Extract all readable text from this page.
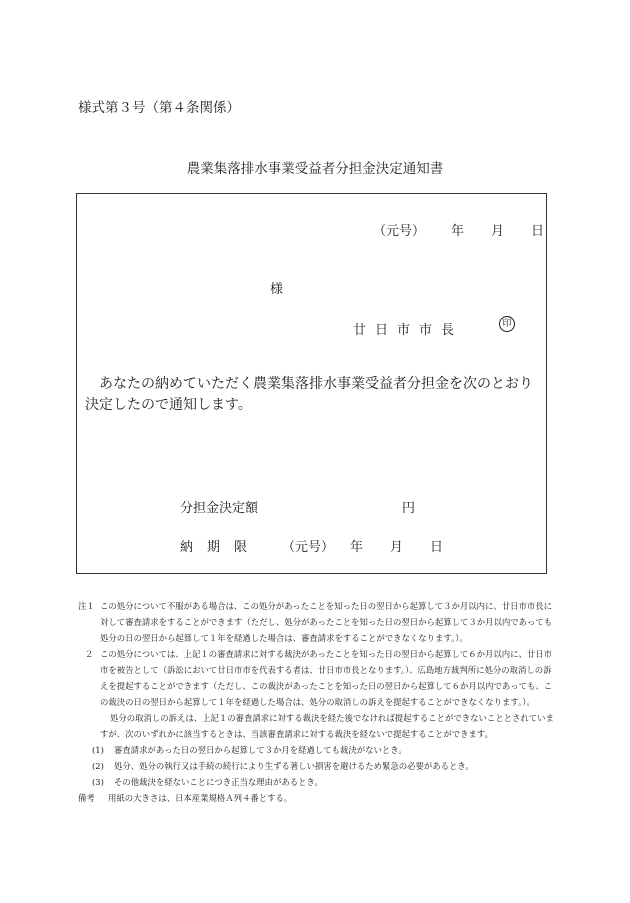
様式第３号（第４条関係）
農業集落排水事業受益者分担金決定通知書
（元号） 年 月 日
様
廿日市市長	印
あなたの納めていただく農業集落排水事業受益者分担金を次のとおり決定したので通知します。
分担金決定額	円
納期限 （元号） 年 月 日
注１ この処分について不服がある場合は、この処分があったことを知った日の翌日から起算して３か月以内に、廿日市市長に対して審査請求をすることができます（ただし、処分があったことを知った日の翌日から起算して３か月以内であっても処分の日の翌日から起算して１年を経過した場合は、審査請求をすることができなくなります。）。
２ この処分については、上記１の審査請求に対する裁決があったことを知った日の翌日から起算して６か月以内に、廿日市市を被告として（訴訟において廿日市市を代表する者は、廿日市市長となります。）、広島地方裁判所に処分の取消しの訴えを提起することができます（ただし、この裁決があったことを知った日の翌日から起算して６か月以内であっても、この裁決の日の翌日から起算して１年を経過した場合は、処分の取消しの訴えを提起することができなくなります。）。
処分の取消しの訴えは、上記１の審査請求に対する裁決を経た後でなければ提起することができないこととされていますが、次のいずれかに該当するときは、当該審査請求に対する裁決を経ないで提起することができます。
(1)	審査請求があった日の翌日から起算して３か月を経過しても裁決がないとき。
(2)	処分、処分の執行又は手続の続行により生ずる著しい損害を避けるため緊急の必要があるとき。
(3)	その他裁決を経ないことにつき正当な理由があるとき。
備考	用紙の大きさは、日本産業規格Ａ列４番とする。
